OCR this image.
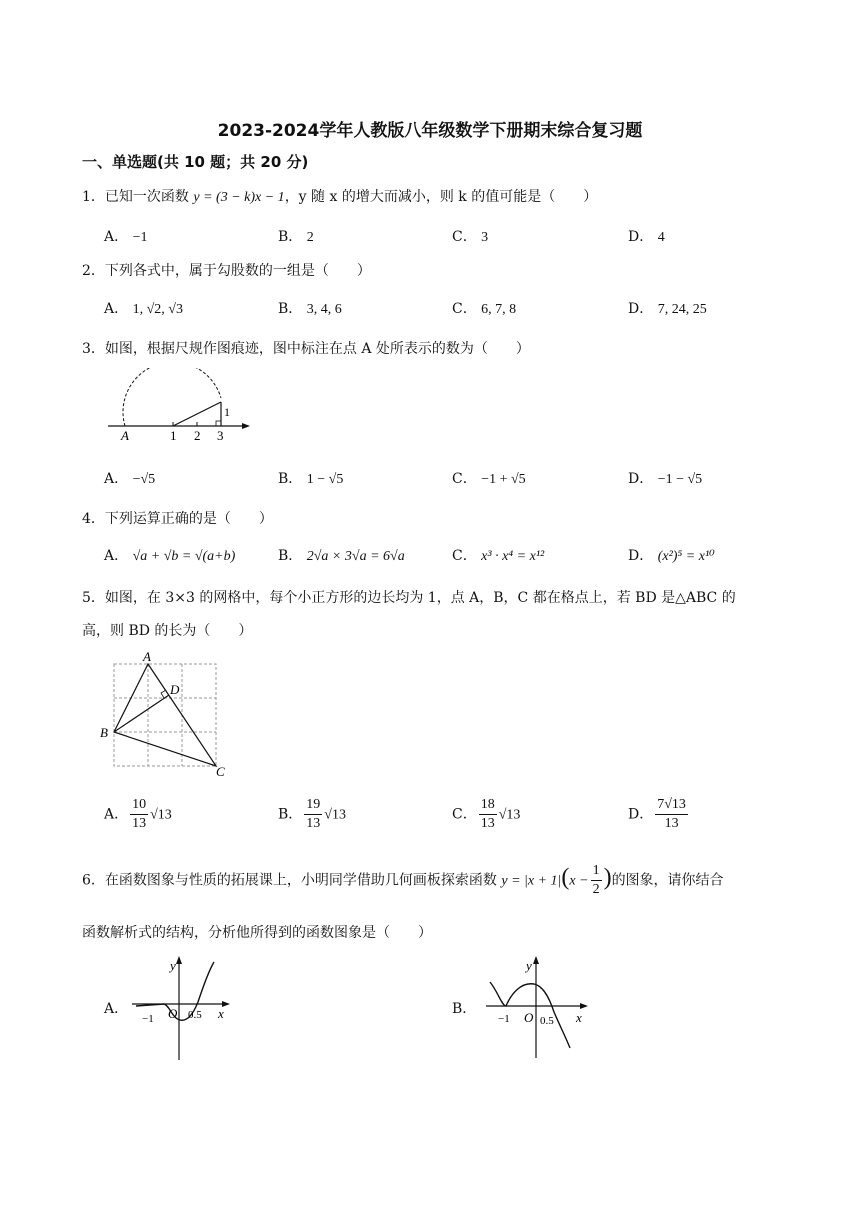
2023-2024学年人教版八年级数学下册期末综合复习题
一、单选题(共 10 题；共 20 分)
1．已知一次函数 y = (3 − k)x − 1，y 随 x 的增大而减小，则 k 的值可能是（　　）
A． −1	B． 2	C． 3	D． 4
2．下列各式中，属于勾股数的一组是（　　）
A． 1, √2, √3	B． 3, 4, 6	C． 6, 7, 8	D． 7, 24, 25
3．如图，根据尺规作图痕迹，图中标注在点 A 处所表示的数为（　　）
A	1 2 3
1
A． −√5	B． 1 − √5	C． −1 + √5	D． −1 − √5
4．下列运算正确的是（　　）
A． √a + √b = √(a+b)	B． 2√a × 3√a = 6√a	C． x³ · x⁴ = x¹²	D． (x²)⁵ = x¹⁰
5．如图，在 3×3 的网格中，每个小正方形的边长均为 1，点 A，B，C 都在格点上，若 BD 是△ABC 的
高，则 BD 的长为（　　）
A
B
C
D
A． $\frac{10}{13} √13$	B． $\frac{19}{13} √13$	C． $\frac{18}{13} √13$	D． $\frac{7√13}{13}$
6．在函数图象与性质的拓展课上，小明同学借助几何画板探索函数 $y = |x + 1|(x - \frac{1}{2}$ )的图象，请你结合
函数解析式的结构，分析他所得到的函数图象是（　　）
A．
y
x
O
−1	0.5	B．
y
x
O
−1	0.5
